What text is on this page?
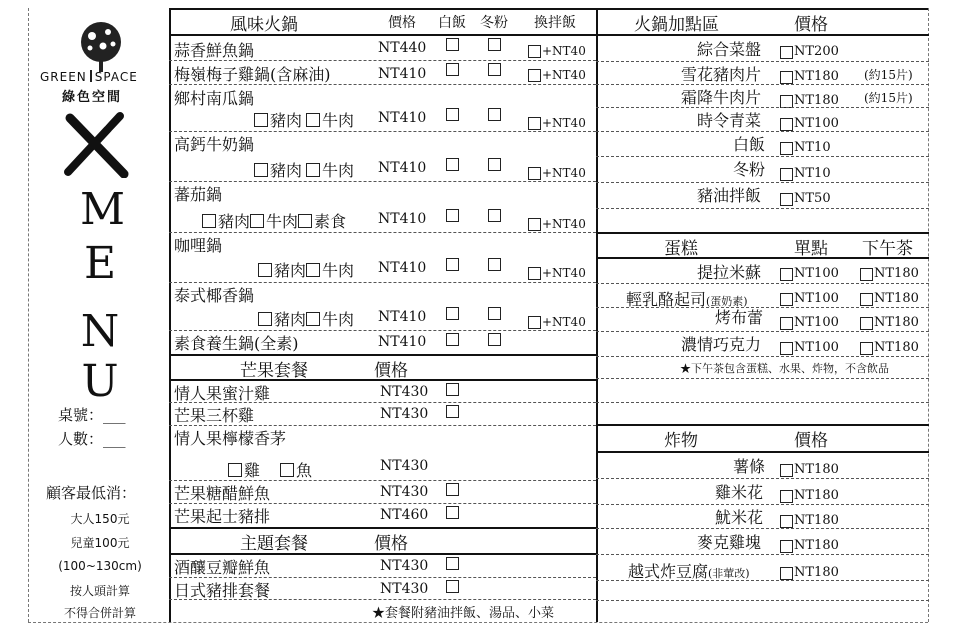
GREEN SPACE
綠色空間
M
E
N
U
桌號：___
人數：___
顧客最低消：
大人150元
兒童100元
(100~130cm)
按人頭計算
不得合併計算
風味火鍋	價格 白飯 冬粉 換拌飯
蒜香鮮魚鍋	NT440	+NT40
梅嶺梅子雞鍋(含麻油)	NT410	+NT40
鄉村南瓜鍋
豬肉 牛肉 NT410	+NT40
高鈣牛奶鍋
豬肉 牛肉 NT410	+NT40
蕃茄鍋
豬肉 牛肉 素食 NT410	+NT40
咖哩鍋
豬肉 牛肉 NT410	+NT40
泰式椰香鍋
豬肉 牛肉 NT410	+NT40
素食養生鍋(全素)	NT410
芒果套餐	價格
情人果蜜汁雞	NT430
芒果三杯雞	NT430
情人果檸檬香茅
雞 魚	NT430
芒果糖醋鮮魚	NT430
芒果起士豬排	NT460
主題套餐	價格
酒釀豆瓣鮮魚	NT430
日式豬排套餐	NT430
★套餐附豬油拌飯、湯品、小菜
火鍋加點區	價格
綜合菜盤	NT200
雪花豬肉片	NT180 (約15片)
霜降牛肉片	NT180 (約15片)
時令青菜	NT100
白飯 NT10
冬粉 NT10
豬油拌飯	NT50
蛋糕	單點 下午茶
提拉米蘇	NT100	NT180
輕乳酪起司(蛋奶素)	NT100	NT180
烤布蕾 NT100	NT180
濃情巧克力	NT100	NT180
★下午茶包含蛋糕、水果、炸物，不含飲品
炸物	價格
薯條 NT180
雞米花 NT180
魷米花 NT180
麥克雞塊	NT180
越式炸豆腐(非葷改)	NT180
